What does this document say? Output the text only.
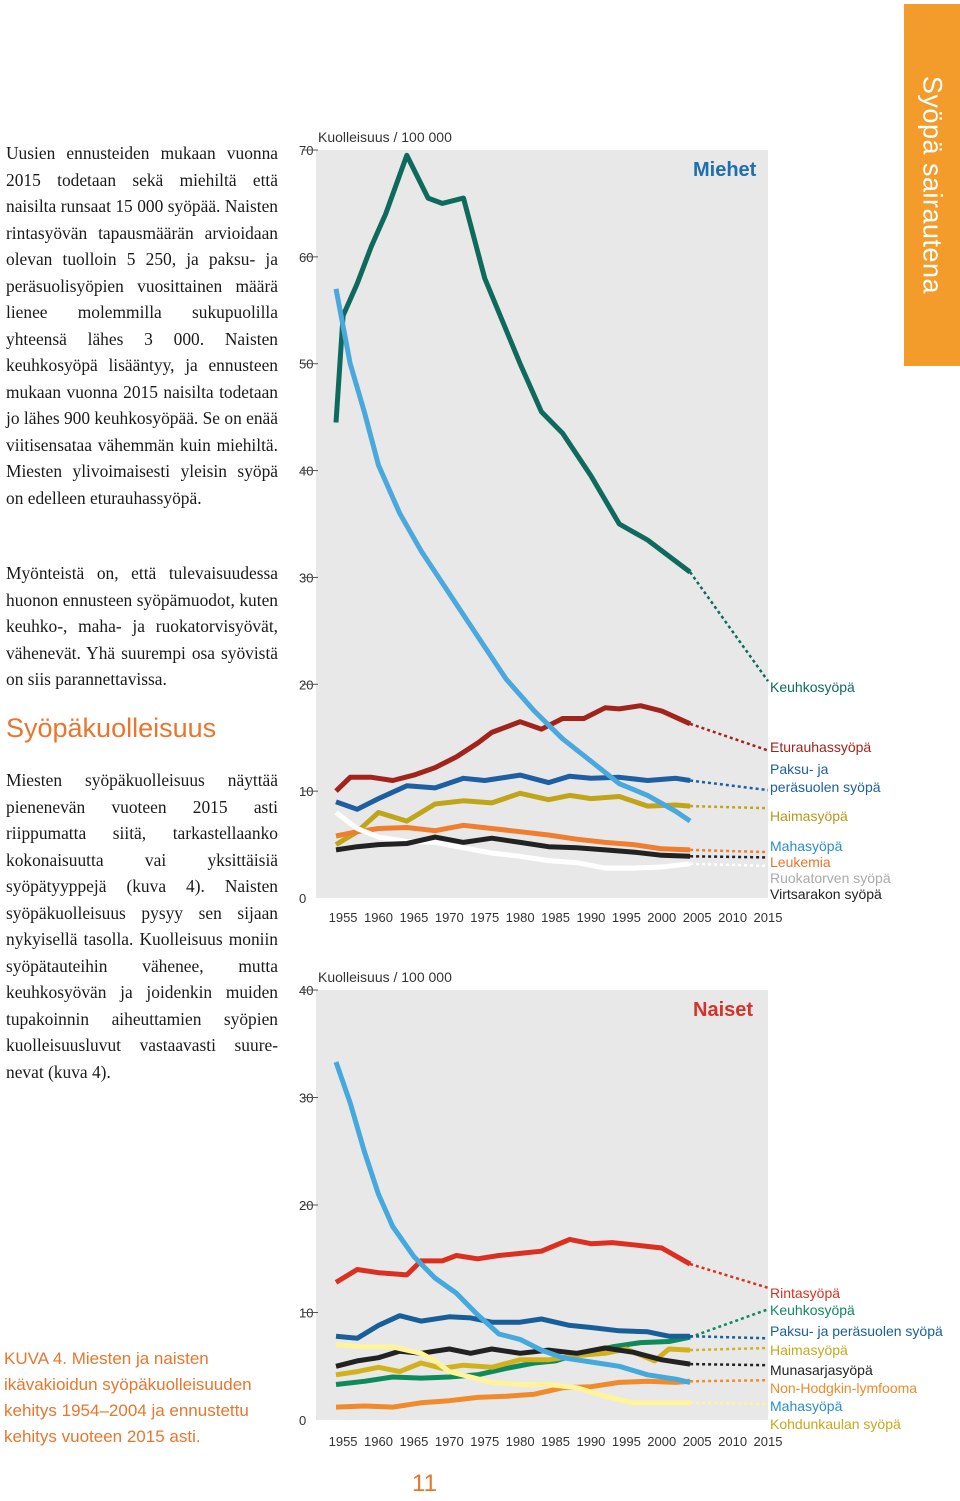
Uusien ennusteiden mukaan vuonna 2015 todetaan sekä miehiltä että naisilta runsaat 15 000 syöpää. Naisten rintasyövän tapausmäärän arvioidaan olevan tuolloin 5 250, ja paksu- ja peräsuolisyöpien vuosittainen määrä lienee molemmilla sukupuolilla yhteensä lähes 3 000. Naisten keuhkosyöpä lisääntyy, ja ennusteen mukaan vuonna 2015 naisilta todetaan jo lähes 900 keuhkosyöpää. Se on enää viitisensataa vähemmän kuin miehiltä. Miesten ylivoimaisesti yleisin syöpä on edelleen eturauhassyöpä.
Myönteistä on, että tulevaisuudessa huonon ennusteen syöpämuodot, kuten keuhko-, maha- ja ruokatorvisyövät, vähenevät. Yhä suurempi osa syövistä on siis parannettavissa.
Syöpäkuolleisuus
Miesten syöpäkuolleisuus näyttää pienenevän vuoteen 2015 asti riippumatta siitä, tarkastellaanko kokonaisuutta vai yksittäisiä syöpätyyppejä (kuva 4). Naisten syöpäkuolleisuus pysyy sen sijaan nykyisellä tasolla. Kuolleisuus moniin syöpätauteihin vähenee, mutta keuhkosyövän ja joidenkin muiden tupakoinnin aiheuttamien syöpien kuolleisuusluvut vastaavasti suurenevat (kuva 4).
KUVA 4. Miesten ja naisten ikävakioidun syöpäkuolleisuuden kehitys 1954–2004 ja ennustettu kehitys vuoteen 2015 asti.
Syöpä sairautena
11
0
10
20
30
40
50
60
70
1955 1960 1965 1970 1975 1980 1985 1990 1995 2000 2005 2010 2015
Kuolleisuus / 100 000
Miehet
Keuhkosyöpä
Eturauhassyöpä
Paksu- ja
peräsuolen syöpä
Haimasyöpä
Mahasyöpä
Leukemia
Ruokatorven syöpä
Virtsarakon syöpä
0
10
20
30
40
1955 1960 1965 1970 1975 1980 1985 1990 1995 2000 2005 2010 2015
Kuolleisuus / 100 000
Naiset
Rintasyöpä
Keuhkosyöpä
Paksu- ja peräsuolen syöpä
Haimasyöpä
Munasarjasyöpä
Non-Hodgkin-lymfooma
Mahasyöpä
Kohdunkaulan syöpä
